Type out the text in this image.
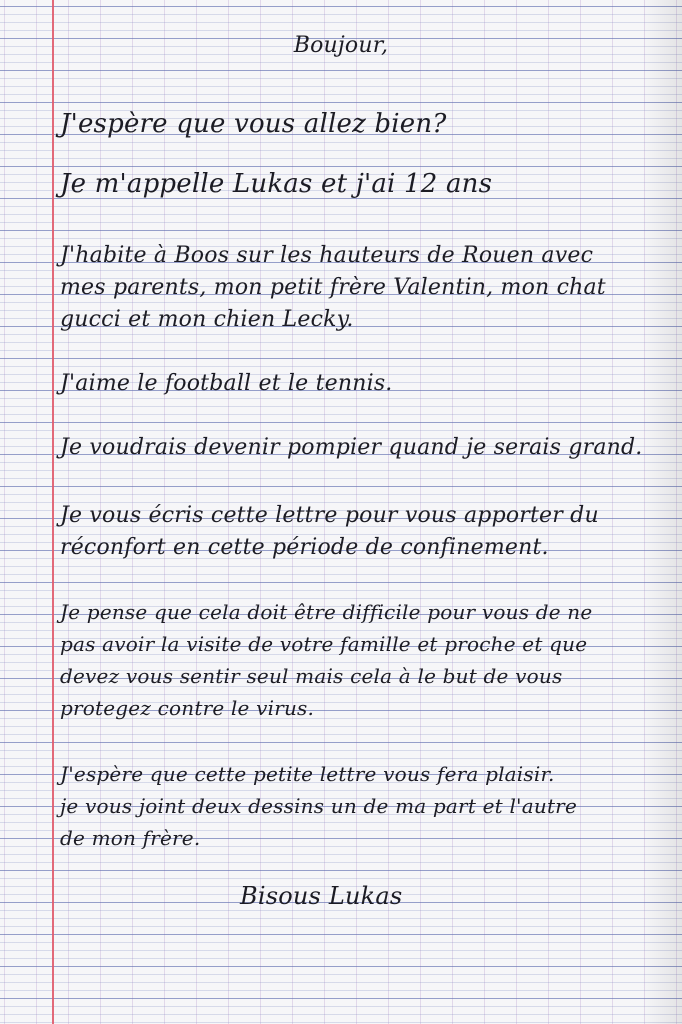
Boujour,
J'espère que vous allez bien?
Je m'appelle Lukas et j'ai 12 ans
J'habite à Boos sur les hauteurs de Rouen avec
mes parents, mon petit frère Valentin, mon chat
gucci et mon chien Lecky.
J'aime le football et le tennis.
Je voudrais devenir pompier quand je serais grand.
Je vous écris cette lettre pour vous apporter du
réconfort en cette période de confinement.
Je pense que cela doit être difficile pour vous de ne
pas avoir la visite de votre famille et proche et que
devez vous sentir seul mais cela à le but de vous
protegez contre le virus.
J'espère que cette petite lettre vous fera plaisir.
je vous joint deux dessins un de ma part et l'autre
de mon frère.
Bisous Lukas
